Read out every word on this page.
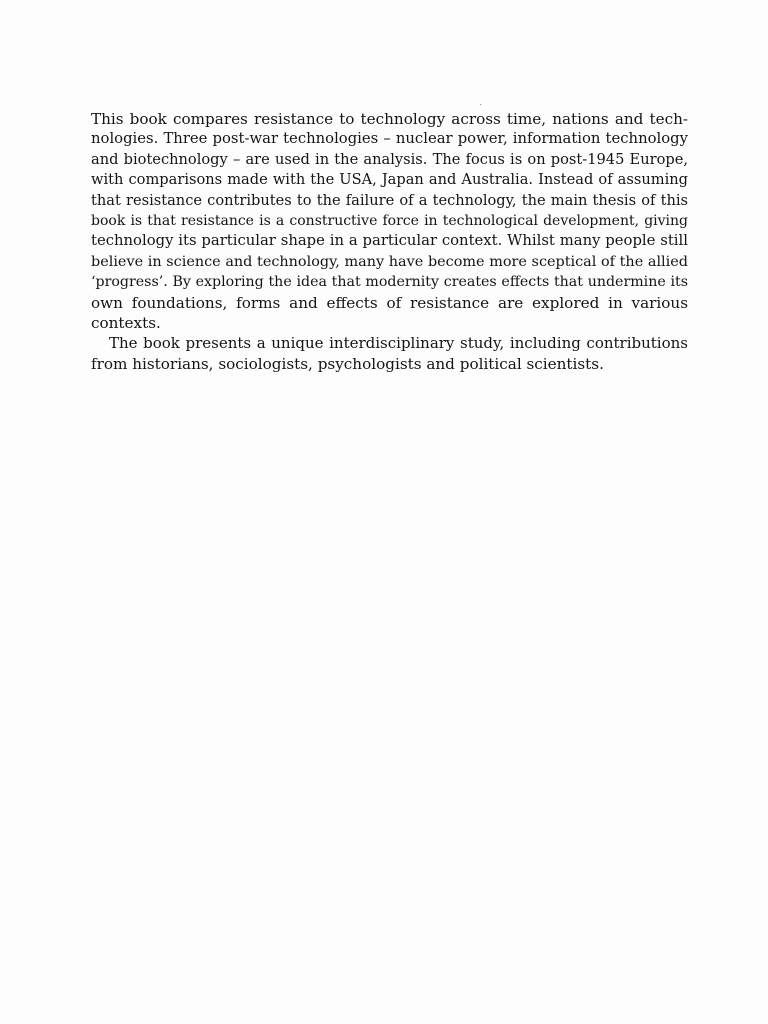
This book compares resistance to technology across time, nations and tech-
nologies. Three post-war technologies – nuclear power, information technology
and biotechnology – are used in the analysis. The focus is on post-1945 Europe,
with comparisons made with the USA, Japan and Australia. Instead of assuming
that resistance contributes to the failure of a technology, the main thesis of this
book is that resistance is a constructive force in technological development, giving
technology its particular shape in a particular context. Whilst many people still
believe in science and technology, many have become more sceptical of the allied
‘progress’. By exploring the idea that modernity creates effects that undermine its
own foundations, forms and effects of resistance are explored in various
contexts.

The book presents a unique interdisciplinary study, including contributions
from historians, sociologists, psychologists and political scientists.
